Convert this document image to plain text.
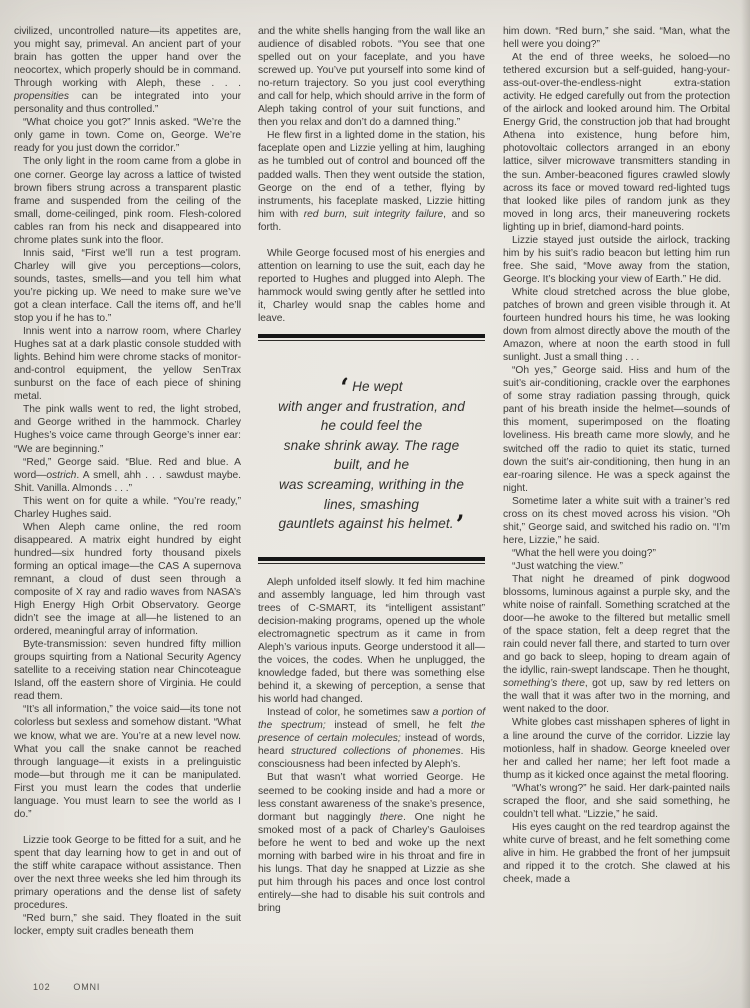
civilized, uncontrolled nature—its appetites are, you might say, primeval. An ancient part of your brain has gotten the upper hand over the neocortex, which properly should be in command. Through working with Aleph, these . . . propensities can be integrated into your personality and thus controlled.”

“What choice you got?” Innis asked. “We’re the only game in town. Come on, George. We’re ready for you just down the corridor.”

The only light in the room came from a globe in one corner. George lay across a lattice of twisted brown fibers strung across a transparent plastic frame and suspended from the ceiling of the small, dome-ceilinged, pink room. Flesh-colored cables ran from his neck and disappeared into chrome plates sunk into the floor.

Innis said, “First we’ll run a test program. Charley will give you perceptions—colors, sounds, tastes, smells—and you tell him what you’re picking up. We need to make sure we’ve got a clean interface. Call the items off, and he’ll stop you if he has to.”

Innis went into a narrow room, where Charley Hughes sat at a dark plastic console studded with lights. Behind him were chrome stacks of monitor-and-control equipment, the yellow SenTrax sunburst on the face of each piece of shining metal.

The pink walls went to red, the light strobed, and George writhed in the hammock. Charley Hughes’s voice came through George’s inner ear: “We are beginning.”

“Red,” George said. “Blue. Red and blue. A word—ostrich. A smell, ahh . . . sawdust maybe. Shit. Vanilla. Almonds . . .”

This went on for quite a while. “You’re ready,” Charley Hughes said.

When Aleph came online, the red room disappeared. A matrix eight hundred by eight hundred—six hundred forty thousand pixels forming an optical image—the CAS A supernova remnant, a cloud of dust seen through a composite of X ray and radio waves from NASA’s High Energy High Orbit Observatory. George didn’t see the image at all—he listened to an ordered, meaningful array of information.

Byte-transmission: seven hundred fifty million groups squirting from a National Security Agency satellite to a receiving station near Chincoteague Island, off the eastern shore of Virginia. He could read them.

“It’s all information,” the voice said—its tone not colorless but sexless and somehow distant. “What we know, what we are. You’re at a new level now. What you call the snake cannot be reached through language—it exists in a prelinguistic mode—but through me it can be manipulated. First you must learn the codes that underlie language. You must learn to see the world as I do.”

Lizzie took George to be fitted for a suit, and he spent that day learning how to get in and out of the stiff white carapace without assistance. Then over the next three weeks she led him through its primary operations and the dense list of safety procedures.

“Red burn,” she said. They floated in the suit locker, empty suit cradles beneath them

and the white shells hanging from the wall like an audience of disabled robots. “You see that one spelled out on your faceplate, and you have screwed up. You’ve put yourself into some kind of no-return trajectory. So you just cool everything and call for help, which should arrive in the form of Aleph taking control of your suit functions, and then you relax and don’t do a damned thing.”

He flew first in a lighted dome in the station, his faceplate open and Lizzie yelling at him, laughing as he tumbled out of control and bounced off the padded walls. Then they went outside the station, George on the end of a tether, flying by instruments, his faceplate masked, Lizzie hitting him with red burn, suit integrity failure, and so forth.

While George focused most of his energies and attention on learning to use the suit, each day he reported to Hughes and plugged into Aleph. The hammock would swing gently after he settled into it, Charley would snap the cables home and leave.

‘ He wept
with anger and frustration, and
he could feel the
snake shrink away. The rage
built, and he
was screaming, writhing in the
lines, smashing
gauntlets against his helmet.’

Aleph unfolded itself slowly. It fed him machine and assembly language, led him through vast trees of C-SMART, its “intelligent assistant” decision-making programs, opened up the whole electromagnetic spectrum as it came in from Aleph’s various inputs. George understood it all—the voices, the codes. When he unplugged, the knowledge faded, but there was something else behind it, a skewing of perception, a sense that his world had changed.

Instead of color, he sometimes saw a portion of the spectrum; instead of smell, he felt the presence of certain molecules; instead of words, heard structured collections of phonemes. His consciousness had been infected by Aleph’s.

But that wasn’t what worried George. He seemed to be cooking inside and had a more or less constant awareness of the snake’s presence, dormant but naggingly there. One night he smoked most of a pack of Charley’s Gauloises before he went to bed and woke up the next morning with barbed wire in his throat and fire in his lungs. That day he snapped at Lizzie as she put him through his paces and once lost control entirely—she had to disable his suit controls and bring

him down. “Red burn,” she said. “Man, what the hell were you doing?”

At the end of three weeks, he soloed—no tethered excursion but a self-guided, hang-your-ass-out-over-the-endless-night extra-station activity. He edged carefully out from the protection of the airlock and looked around him. The Orbital Energy Grid, the construction job that had brought Athena into existence, hung before him, photovoltaic collectors arranged in an ebony lattice, silver microwave transmitters standing in the sun. Amber-beaconed figures crawled slowly across its face or moved toward red-lighted tugs that looked like piles of random junk as they moved in long arcs, their maneuvering rockets lighting up in brief, diamond-hard points.

Lizzie stayed just outside the airlock, tracking him by his suit’s radio beacon but letting him run free. She said, “Move away from the station, George. It’s blocking your view of Earth.” He did.

White cloud stretched across the blue globe, patches of brown and green visible through it. At fourteen hundred hours his time, he was looking down from almost directly above the mouth of the Amazon, where at noon the earth stood in full sunlight. Just a small thing . . .

“Oh yes,” George said. Hiss and hum of the suit’s air-conditioning, crackle over the earphones of some stray radiation passing through, quick pant of his breath inside the helmet—sounds of this moment, superimposed on the floating loveliness. His breath came more slowly, and he switched off the radio to quiet its static, turned down the suit’s air-conditioning, then hung in an ear-roaring silence. He was a speck against the night.

Sometime later a white suit with a trainer’s red cross on its chest moved across his vision. “Oh shit,” George said, and switched his radio on. “I’m here, Lizzie,” he said.

“What the hell were you doing?”

“Just watching the view.”

That night he dreamed of pink dogwood blossoms, luminous against a purple sky, and the white noise of rainfall. Something scratched at the door—he awoke to the filtered but metallic smell of the space station, felt a deep regret that the rain could never fall there, and started to turn over and go back to sleep, hoping to dream again of the idyllic, rain-swept landscape. Then he thought, something’s there, got up, saw by red letters on the wall that it was after two in the morning, and went naked to the door.

White globes cast misshapen spheres of light in a line around the curve of the corridor. Lizzie lay motionless, half in shadow. George kneeled over her and called her name; her left foot made a thump as it kicked once against the metal flooring.

“What’s wrong?” he said. Her dark-painted nails scraped the floor, and she said something, he couldn’t tell what. “Lizzie,” he said.

His eyes caught on the red teardrop against the white curve of breast, and he felt something come alive in him. He grabbed the front of her jumpsuit and ripped it to the crotch. She clawed at his cheek, made a

102	OMNI
